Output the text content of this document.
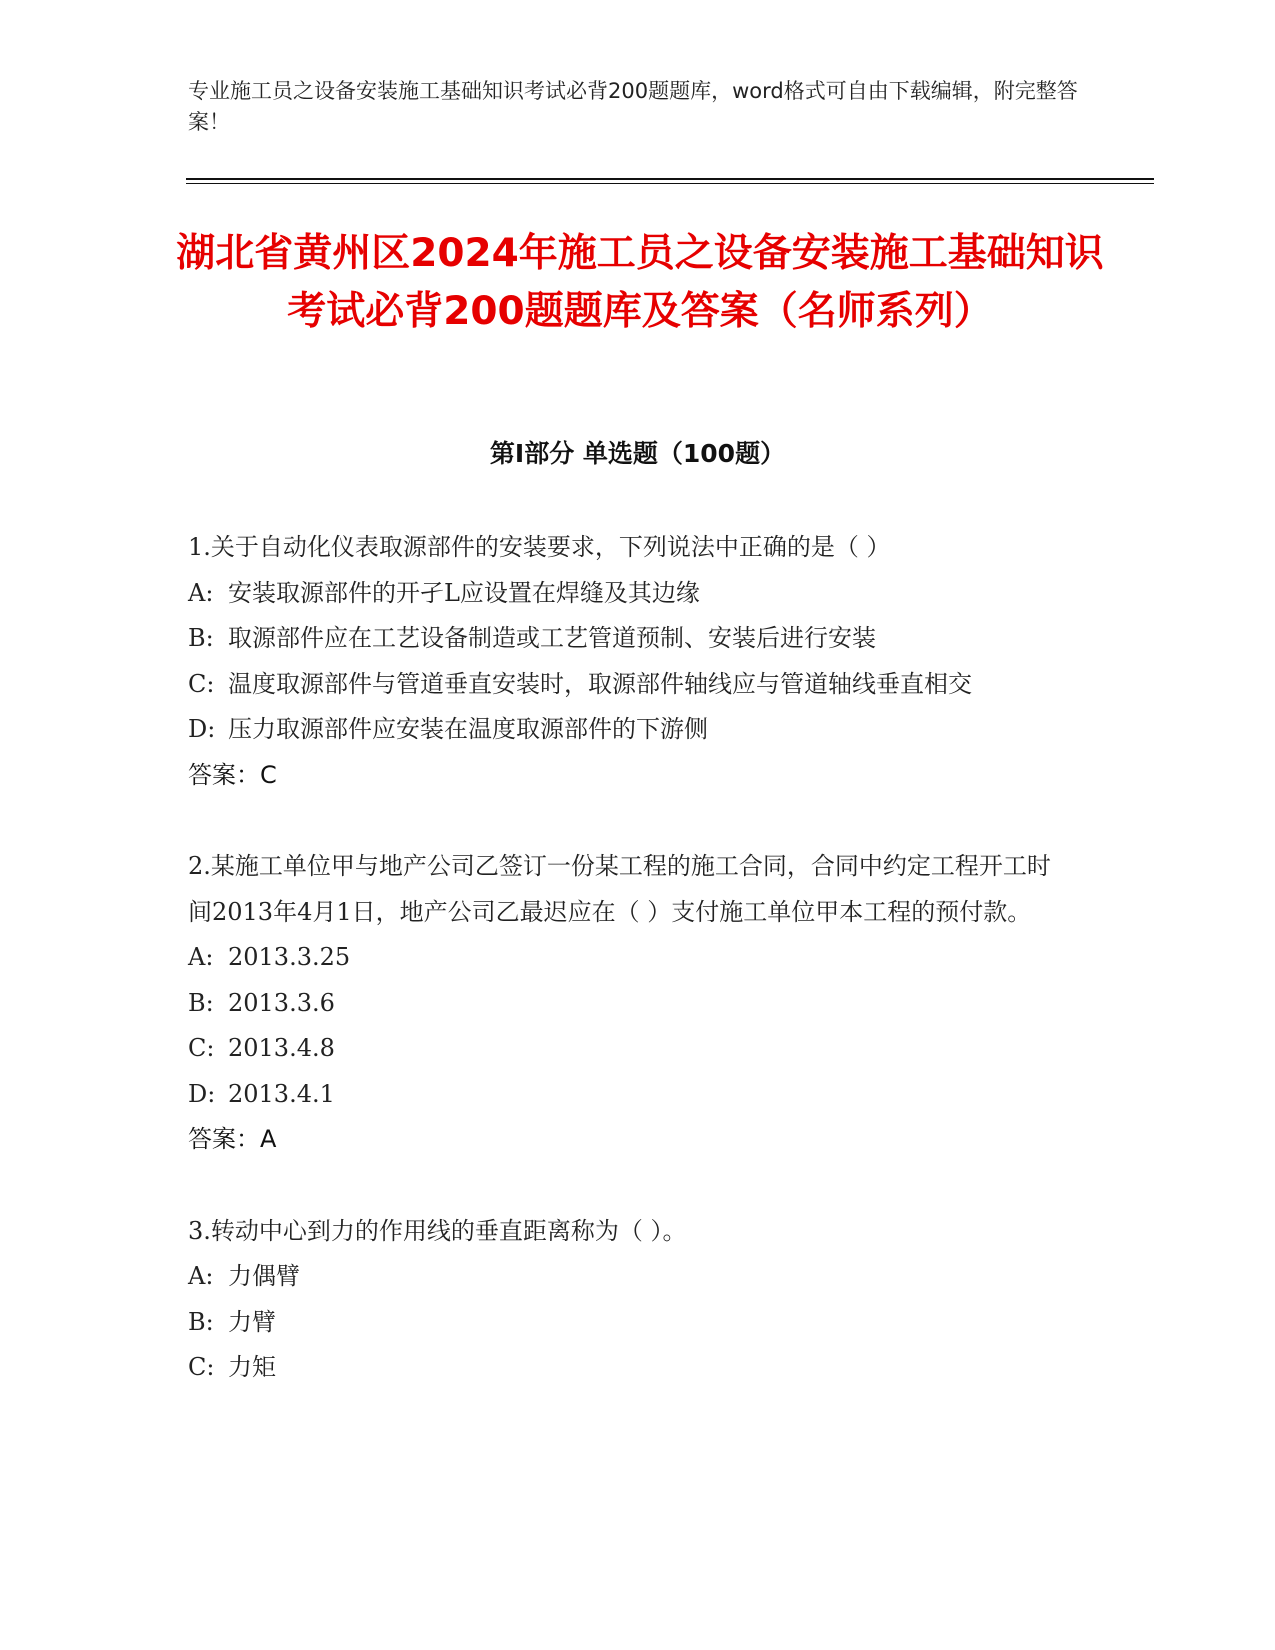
专业施工员之设备安装施工基础知识考试必背200题题库，word格式可自由下载编辑，附完整答案！
湖北省黄州区2024年施工员之设备安装施工基础知识考试必背200题题库及答案（名师系列）
第Ⅰ部分 单选题（100题）

1.关于自动化仪表取源部件的安装要求，下列说法中正确的是（ ）

A: 安装取源部件的开孑L应设置在焊缝及其边缘

B: 取源部件应在工艺设备制造或工艺管道预制、安装后进行安装

C: 温度取源部件与管道垂直安装时，取源部件轴线应与管道轴线垂直相交

D: 压力取源部件应安装在温度取源部件的下游侧

答案：C

2.某施工单位甲与地产公司乙签订一份某工程的施工合同，合同中约定工程开工时间2013年4月1日，地产公司乙最迟应在（ ）支付施工单位甲本工程的预付款。

A: 2013.3.25

B: 2013.3.6

C: 2013.4.8

D: 2013.4.1

答案：A

3.转动中心到力的作用线的垂直距离称为（ ）。

A: 力偶臂

B: 力臂

C: 力矩
